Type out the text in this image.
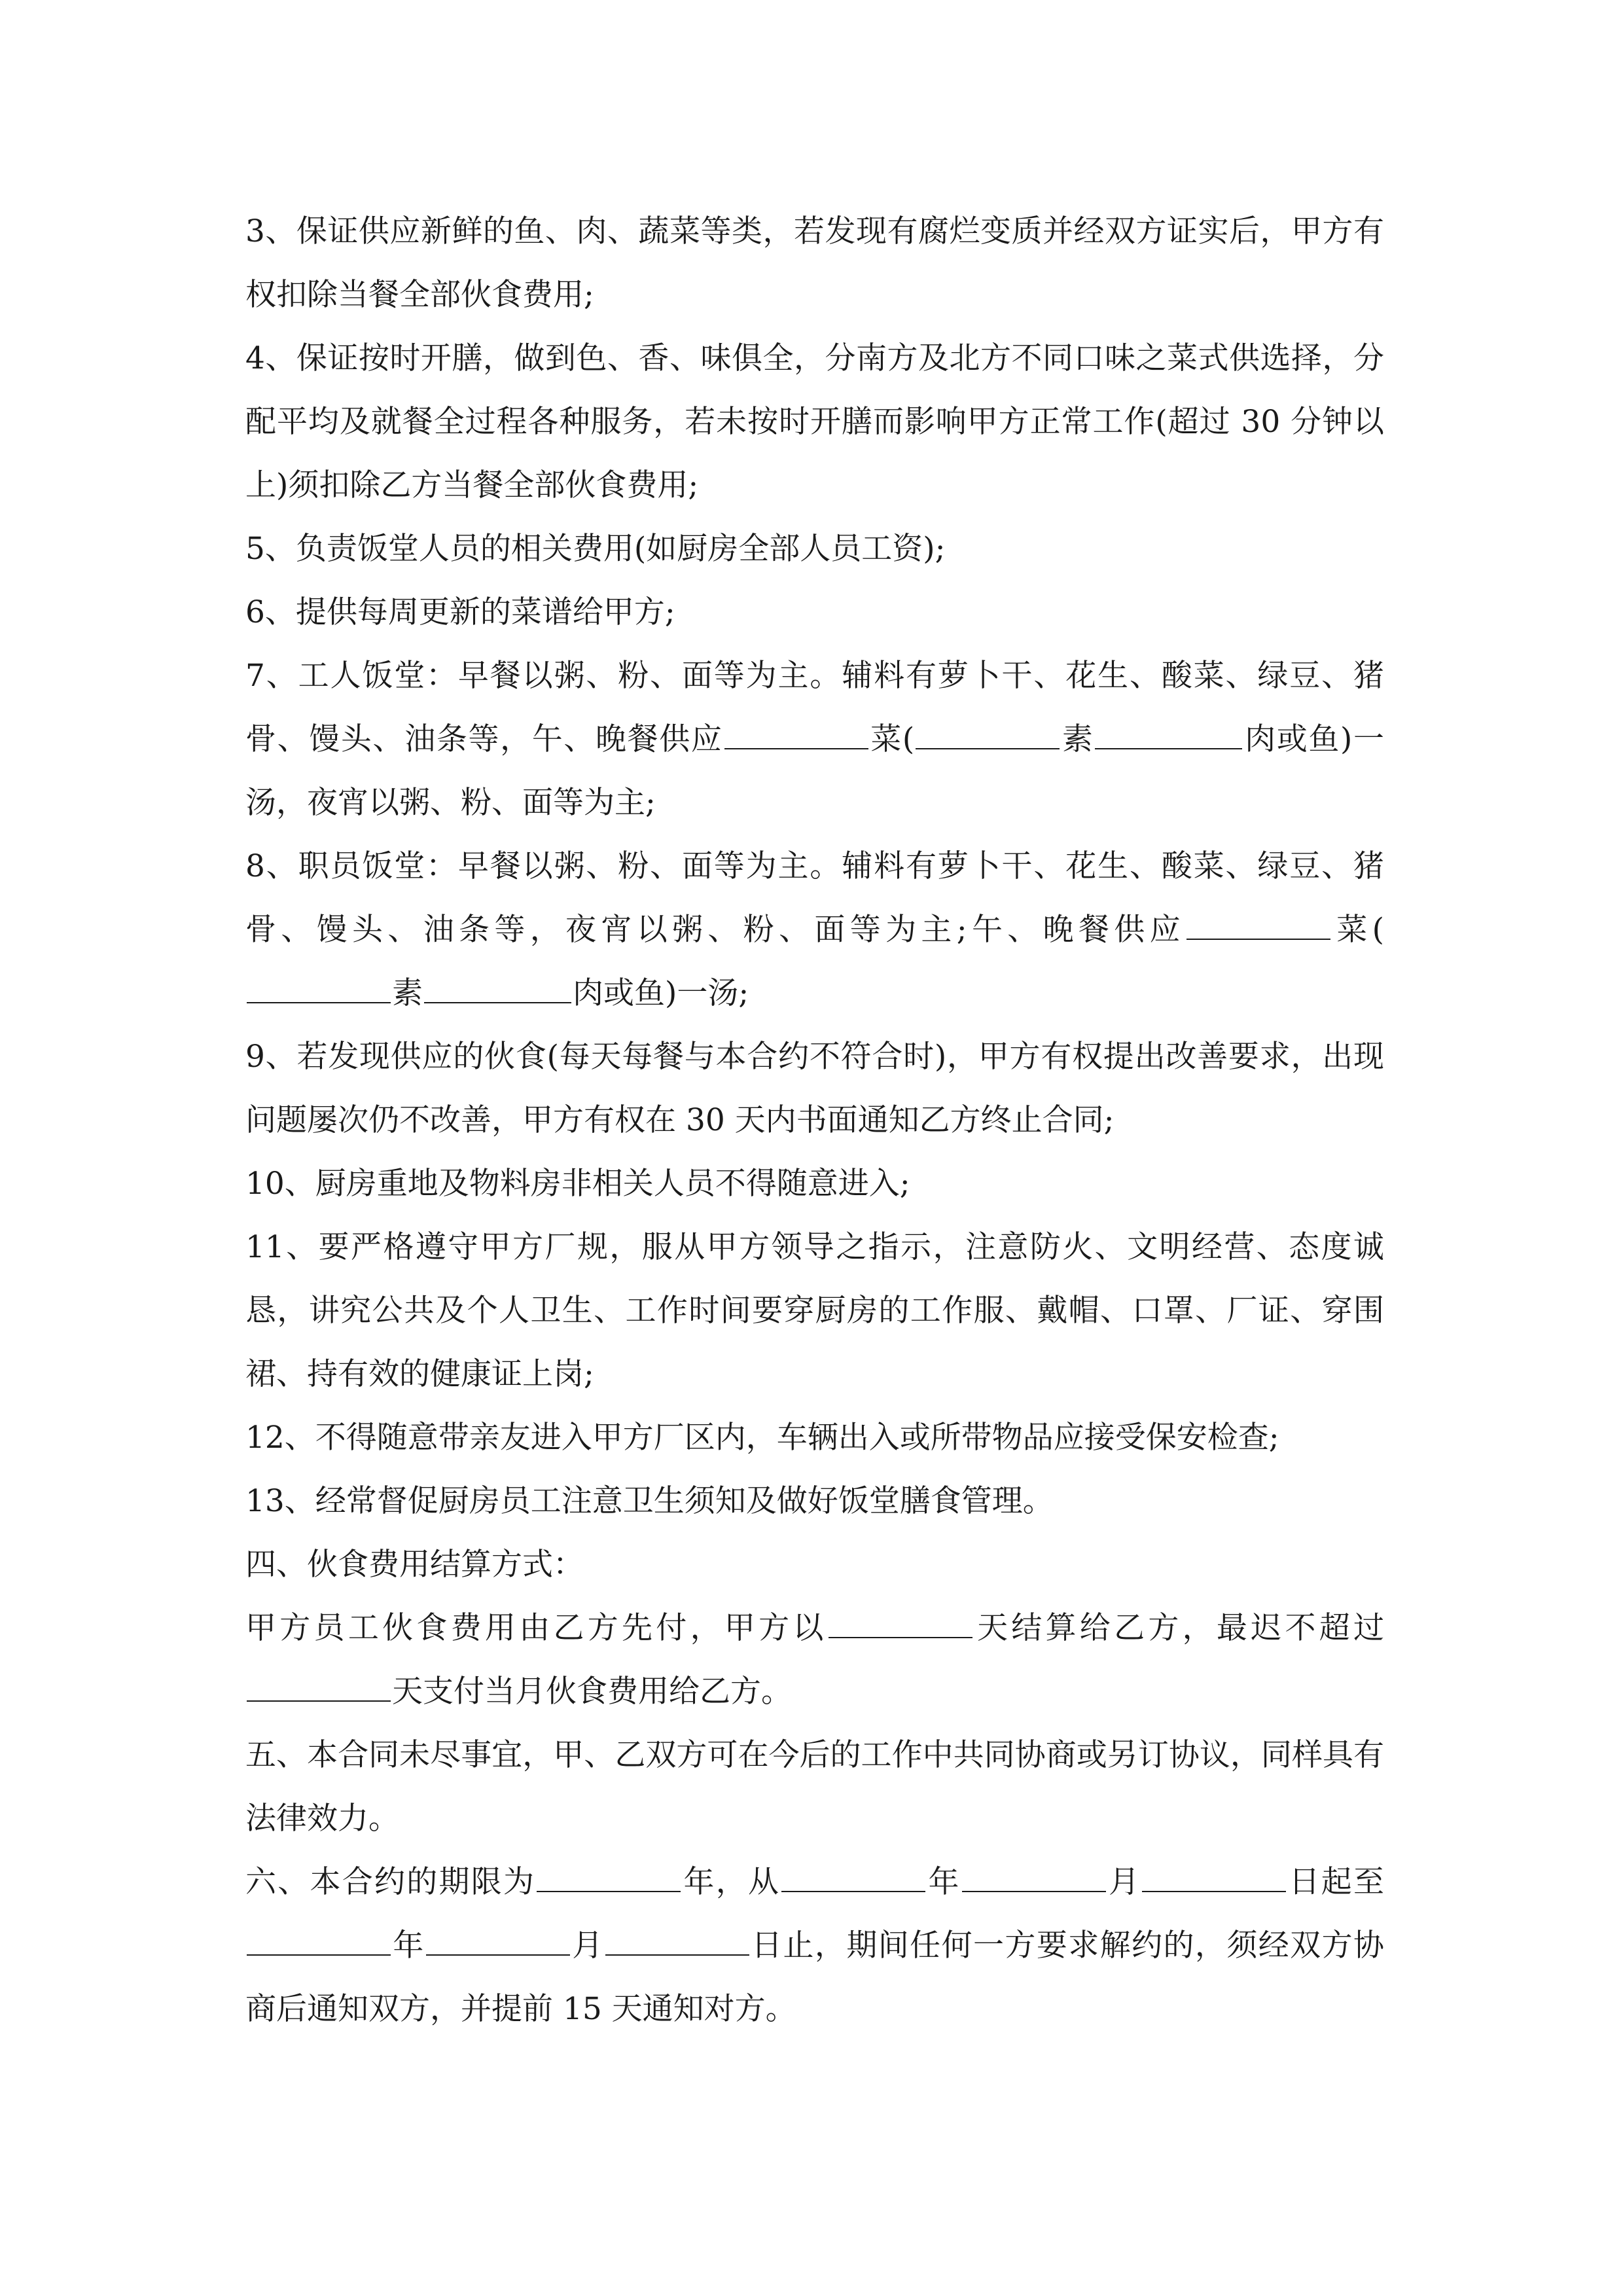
3、保证供应新鲜的鱼、肉、蔬菜等类，若发现有腐烂变质并经双方证实后，甲方有权扣除当餐全部伙食费用;

4、保证按时开膳，做到色、香、味俱全，分南方及北方不同口味之菜式供选择，分配平均及就餐全过程各种服务，若未按时开膳而影响甲方正常工作(超过 30 分钟以上)须扣除乙方当餐全部伙食费用;

5、负责饭堂人员的相关费用(如厨房全部人员工资);

6、提供每周更新的菜谱给甲方;

7、工人饭堂：早餐以粥、粉、面等为主。辅料有萝卜干、花生、酸菜、绿豆、猪骨、馒头、油条等，午、晚餐供应	菜(	素	肉或鱼)一汤，夜宵以粥、粉、面等为主;

8、职员饭堂：早餐以粥、粉、面等为主。辅料有萝卜干、花生、酸菜、绿豆、猪骨、馒头、油条等，夜宵以粥、粉、面等为主;午、晚餐供应	菜(素	肉或鱼)一汤;

9、若发现供应的伙食(每天每餐与本合约不符合时)，甲方有权提出改善要求，出现问题屡次仍不改善，甲方有权在 30 天内书面通知乙方终止合同;

10、厨房重地及物料房非相关人员不得随意进入;

11、要严格遵守甲方厂规，服从甲方领导之指示，注意防火、文明经营、态度诚恳，讲究公共及个人卫生、工作时间要穿厨房的工作服、戴帽、口罩、厂证、穿围裙、持有效的健康证上岗;

12、不得随意带亲友进入甲方厂区内，车辆出入或所带物品应接受保安检查;

13、经常督促厨房员工注意卫生须知及做好饭堂膳食管理。

四、伙食费用结算方式：

甲方员工伙食费用由乙方先付，甲方以	天结算给乙方，最迟不超过天支付当月伙食费用给乙方。

五、本合同未尽事宜，甲、乙双方可在今后的工作中共同协商或另订协议，同样具有法律效力。

六、本合约的期限为	年，从	年	月	日起至年	月	日止，期间任何一方要求解约的，须经双方协商后通知双方，并提前 15 天通知对方。
